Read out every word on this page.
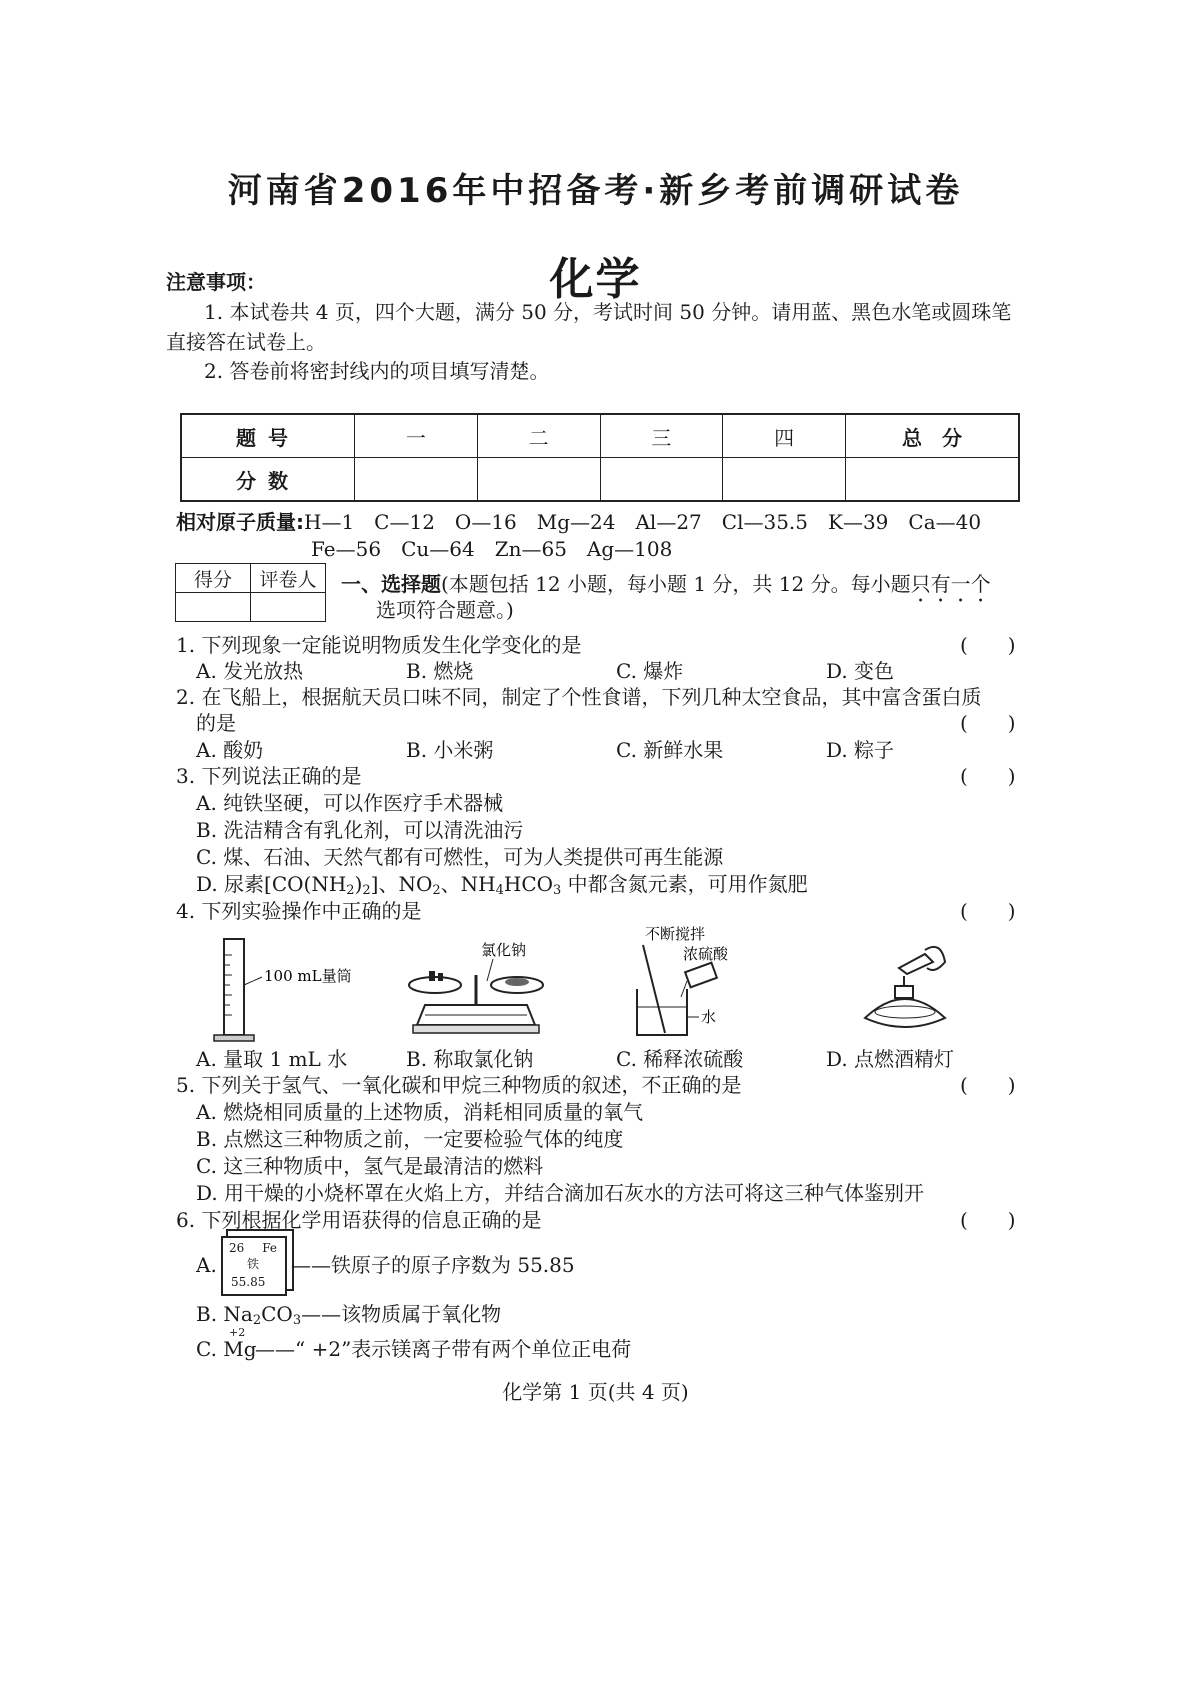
河南省2016年中招备考·新乡考前调研试卷
化学
注意事项：
1. 本试卷共 4 页，四个大题，满分 50 分，考试时间 50 分钟。请用蓝、黑色水笔或圆珠笔
直接答在试卷上。
2. 答卷前将密封线内的项目填写清楚。
题号	一	二	三	四	总　分
分数					
相对原子质量:H—1　C—12　O—16　Mg—24　Al—27　Cl—35.5　K—39　Ca—40
Fe—56　Cu—64　Zn—65　Ag—108
得分	评卷人
	一、选择题(本题包括 12 小题，每小题 1 分，共 12 分。每小题只有一个
选项符合题意。)
1. 下列现象一定能说明物质发生化学变化的是	(　　)
A. 发光放热	B. 燃烧	C. 爆炸	D. 变色
2. 在飞船上，根据航天员口味不同，制定了个性食谱，下列几种太空食品，其中富含蛋白质
的是	(　　)
A. 酸奶	B. 小米粥	C. 新鲜水果	D. 粽子
3. 下列说法正确的是	(　　)
A. 纯铁坚硬，可以作医疗手术器械
B. 洗洁精含有乳化剂，可以清洗油污
C. 煤、石油、天然气都有可燃性，可为人类提供可再生能源
D. 尿素$[CO(NH_2)_2]$、$NO_2$、$NH_4HCO_3$ 中都含氮元素，可用作氮肥
4. 下列实验操作中正确的是	(　　)
100 mL量筒
氯化钠
不断搅拌
浓硫酸
水
A. 量取 1 mL 水	B. 称取氯化钠	C. 稀释浓硫酸	D. 点燃酒精灯
5. 下列关于氢气、一氧化碳和甲烷三种物质的叙述，不正确的是	(　　)
A. 燃烧相同质量的上述物质，消耗相同质量的氧气
B. 点燃这三种物质之前，一定要检验气体的纯度
C. 这三种物质中，氢气是最清洁的燃料
D. 用干燥的小烧杯罩在火焰上方，并结合滴加石灰水的方法可将这三种气体鉴别开
6. 下列根据化学用语获得的信息正确的是	(　　)
A.
26 Fe
铁
55.85
——铁原子的原子序数为 55.85
B. $Na_2CO_3——$该物质属于氧化物
C. Mg
+2
——“ +2”表示镁离子带有两个单位正电荷
化学第 1 页(共 4 页)
